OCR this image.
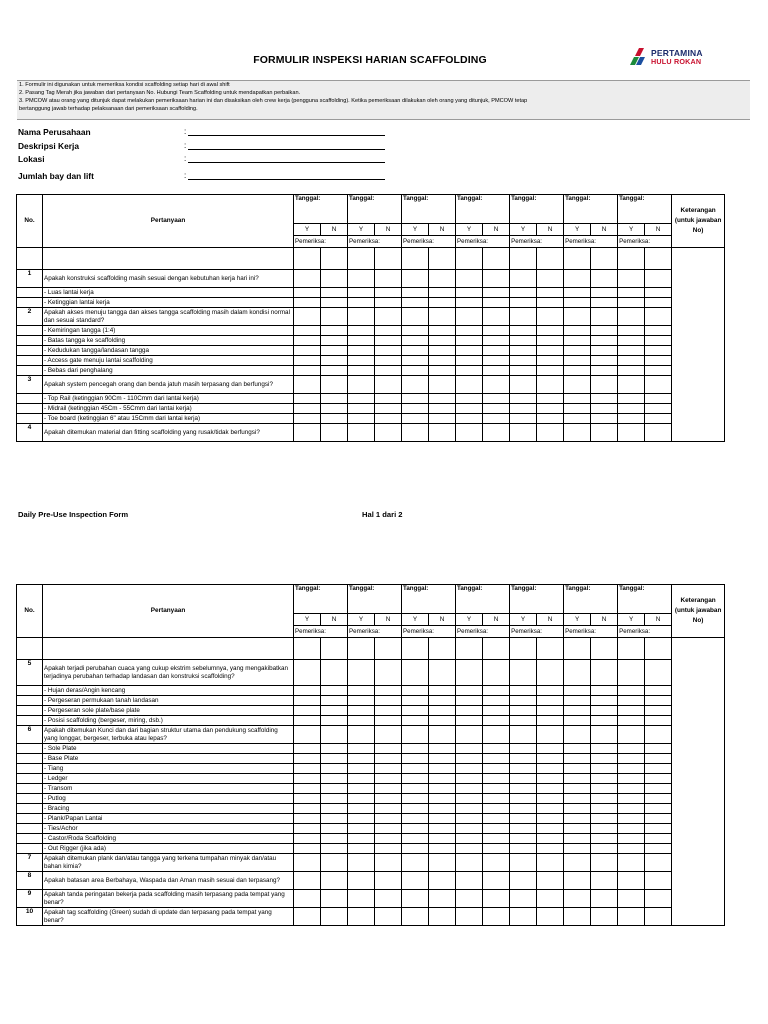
FORMULIR INSPEKSI HARIAN SCAFFOLDING
PERTAMINA
HULU ROKAN
1. Formulir ini digunakan untuk memeriksa kondisi scaffolding setiap hari di awal shift
2. Pasang Tag Merah jika jawaban dari pertanyaan No. Hubungi Team Scaffolding untuk mendapatkan perbaikan.
3. PMCOW atau orang yang ditunjuk dapat melakukan pemeriksaan harian ini dan disaksikan oleh crew kerja (pengguna scaffolding). Ketika pemeriksaan dilakukan oleh orang yang ditunjuk, PMCOW tetap
bertanggung jawab terhadap pelaksanaan dari pemeriksaan scaffolding.
Nama Perusahaan	:
Deskripsi Kerja	:
Lokasi	:
Jumlah bay dan lift	:
No.	Pertanyaan	Tanggal:		Tanggal:		Tanggal:		Tanggal:		Tanggal:		Tanggal:		Tanggal:		Keterangan (untuk jawaban No)
		Y	N	Y	N	Y	N	Y	N	Y	N	Y	N	Y	N	
		Pemeriksa:		Pemeriksa:		Pemeriksa:		Pemeriksa:		Pemeriksa:		Pemeriksa:		Pemeriksa:		

1	Apakah konstruksi scaffolding masih sesuai dengan kebutuhan kerja hari ini?															
	- Luas lantai kerja															
	- Ketinggian lantai kerja															
2	Apakah akses menuju tangga dan akses tangga scaffolding masih dalam kondisi normal dan sesuai standard?															
	- Kemiringan tangga (1:4)															
	- Batas tangga ke scaffolding															
	- Kedudukan tangga/landasan tangga															
	- Access gate menuju lantai scaffolding															
	- Bebas dari penghalang															
3	Apakah system pencegah orang dan benda jatuh masih terpasang dan berfungsi?															
	- Top Rail (ketinggian 90Cm - 110Cmm dari lantai kerja)															
	- Midrail (ketinggian 45Cm - 55Cmm dari lantai kerja)															
	- Toe board (ketinggian 6" atau 15Cmm dari lantai kerja)															
4	Apakah ditemukan material dan fitting scaffolding yang rusak/tidak berfungsi?															
Daily Pre-Use Inspection Form	Hal 1 dari 2
No.	Pertanyaan	Tanggal:		Tanggal:		Tanggal:		Tanggal:		Tanggal:		Tanggal:		Tanggal:		Keterangan (untuk jawaban No)
		Y	N	Y	N	Y	N	Y	N	Y	N	Y	N	Y	N	
		Pemeriksa:		Pemeriksa:		Pemeriksa:		Pemeriksa:		Pemeriksa:		Pemeriksa:		Pemeriksa:		

5	Apakah terjadi perubahan cuaca yang cukup ekstrim sebelumnya, yang mengakibatkan terjadinya perubahan terhadap landasan dan konstruksi scaffolding?															
	- Hujan deras/Angin kencang															
	- Pergeseran permukaan tanah landasan															
	- Pergeseran sole plate/base plate															
	- Posisi scaffolding (bergeser, miring, dsb.)															
6	Apakah ditemukan Kunci dan dari bagian struktur utama dan pendukung scaffolding yang longgar, bergeser, terbuka atau lepas?															
	- Sole Plate															
	- Base Plate															
	- Tiang															
	- Ledger															
	- Transom															
	- Putlog															
	- Bracing															
	- Plank/Papan Lantai															
	- Ties/Achor															
	- Castor/Roda Scaffolding															
	- Out Rigger (jika ada)															
7	Apakah ditemukan plank dan/atau tangga yang terkena tumpahan minyak dan/atau bahan kimia?															
8	Apakah batasan area Berbahaya, Waspada dan Aman masih sesuai dan terpasang?															
9	Apakah tanda peringatan bekerja pada scaffolding masih terpasang pada tempat yang benar?															
10	Apakah tag scaffolding (Green) sudah di update dan terpasang pada tempat yang benar?															
